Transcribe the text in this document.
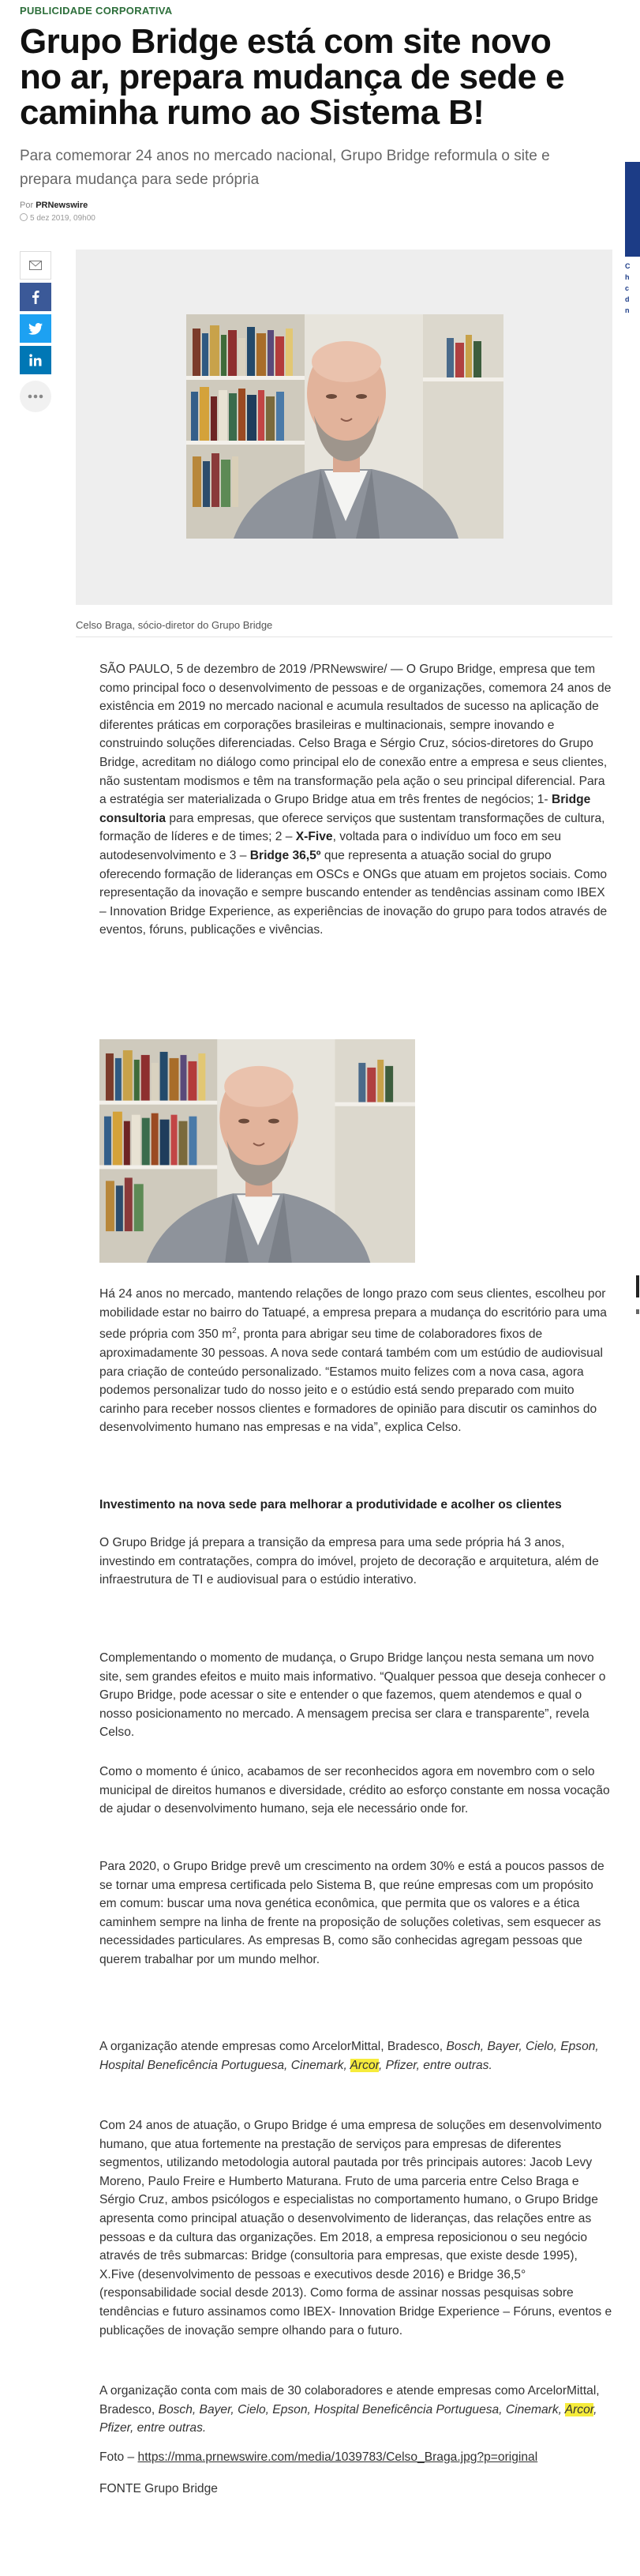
PUBLICIDADE CORPORATIVA
Grupo Bridge está com site novo no ar, prepara mudança de sede e caminha rumo ao Sistema B!

Para comemorar 24 anos no mercado nacional, Grupo Bridge reformula o site e prepara mudança para sede própria

Por PRNewswire
5 dez 2019, 09h00
Celso Braga, sócio-diretor do Grupo Bridge

SÃO PAULO, 5 de dezembro de 2019 /PRNewswire/ — O Grupo Bridge, empresa que tem como principal foco o desenvolvimento de pessoas e de organizações, comemora 24 anos de existência em 2019 no mercado nacional e acumula resultados de sucesso na aplicação de diferentes práticas em corporações brasileiras e multinacionais, sempre inovando e construindo soluções diferenciadas. Celso Braga e Sérgio Cruz, sócios-diretores do Grupo Bridge, acreditam no diálogo como principal elo de conexão entre a empresa e seus clientes, não sustentam modismos e têm na transformação pela ação o seu principal diferencial. Para a estratégia ser materializada o Grupo Bridge atua em três frentes de negócios; 1- Bridge consultoria para empresas, que oferece serviços que sustentam transformações de cultura, formação de líderes e de times; 2 – X-Five, voltada para o indivíduo um foco em seu autodesenvolvimento e 3 – Bridge 36,5º que representa a atuação social do grupo oferecendo formação de lideranças em OSCs e ONGs que atuam em projetos sociais. Como representação da inovação e sempre buscando entender as tendências assinam como IBEX – Innovation Bridge Experience, as experiências de inovação do grupo para todos através de eventos, fóruns, publicações e vivências.

Há 24 anos no mercado, mantendo relações de longo prazo com seus clientes, escolheu por mobilidade estar no bairro do Tatuapé, a empresa prepara a mudança do escritório para uma sede própria com 350 $m^2$, pronta para abrigar seu time de colaboradores fixos de aproximadamente 30 pessoas. A nova sede contará também com um estúdio de audiovisual para criação de conteúdo personalizado. “Estamos muito felizes com a nova casa, agora podemos personalizar tudo do nosso jeito e o estúdio está sendo preparado com muito carinho para receber nossos clientes e formadores de opinião para discutir os caminhos do desenvolvimento humano nas empresas e na vida”, explica Celso.

Investimento na nova sede para melhorar a produtividade e acolher os clientes

O Grupo Bridge já prepara a transição da empresa para uma sede própria há 3 anos, investindo em contratações, compra do imóvel, projeto de decoração e arquitetura, além de infraestrutura de TI e audiovisual para o estúdio interativo.

Complementando o momento de mudança, o Grupo Bridge lançou nesta semana um novo site, sem grandes efeitos e muito mais informativo. “Qualquer pessoa que deseja conhecer o Grupo Bridge, pode acessar o site e entender o que fazemos, quem atendemos e qual o nosso posicionamento no mercado. A mensagem precisa ser clara e transparente”, revela Celso.

Como o momento é único, acabamos de ser reconhecidos agora em novembro com o selo municipal de direitos humanos e diversidade, crédito ao esforço constante em nossa vocação de ajudar o desenvolvimento humano, seja ele necessário onde for.

Para 2020, o Grupo Bridge prevê um crescimento na ordem 30% e está a poucos passos de se tornar uma empresa certificada pelo Sistema B, que reúne empresas com um propósito em comum: buscar uma nova genética econômica, que permita que os valores e a ética caminhem sempre na linha de frente na proposição de soluções coletivas, sem esquecer as necessidades particulares. As empresas B, como são conhecidas agregam pessoas que querem trabalhar por um mundo melhor.

A organização atende empresas como ArcelorMittal, Bradesco, Bosch, Bayer, Cielo, Epson, Hospital Beneficência Portuguesa, Cinemark, Arcor, Pfizer, entre outras.

Com 24 anos de atuação, o Grupo Bridge é uma empresa de soluções em desenvolvimento humano, que atua fortemente na prestação de serviços para empresas de diferentes segmentos, utilizando metodologia autoral pautada por três principais autores: Jacob Levy Moreno, Paulo Freire e Humberto Maturana. Fruto de uma parceria entre Celso Braga e Sérgio Cruz, ambos psicólogos e especialistas no comportamento humano, o Grupo Bridge apresenta como principal atuação o desenvolvimento de lideranças, das relações entre as pessoas e da cultura das organizações. Em 2018, a empresa reposicionou o seu negócio através de três submarcas: Bridge (consultoria para empresas, que existe desde 1995), X.Five (desenvolvimento de pessoas e executivos desde 2016) e Bridge 36,5° (responsabilidade social desde 2013). Como forma de assinar nossas pesquisas sobre tendências e futuro assinamos como IBEX- Innovation Bridge Experience – Fóruns, eventos e publicações de inovação sempre olhando para o futuro.

A organização conta com mais de 30 colaboradores e atende empresas como ArcelorMittal, Bradesco, Bosch, Bayer, Cielo, Epson, Hospital Beneficência Portuguesa, Cinemark, Arcor, Pfizer, entre outras.

Foto – https://mma.prnewswire.com/media/1039783/Celso_Braga.jpg?p=original

FONTE Grupo Bridge

C
h
c
d
n
